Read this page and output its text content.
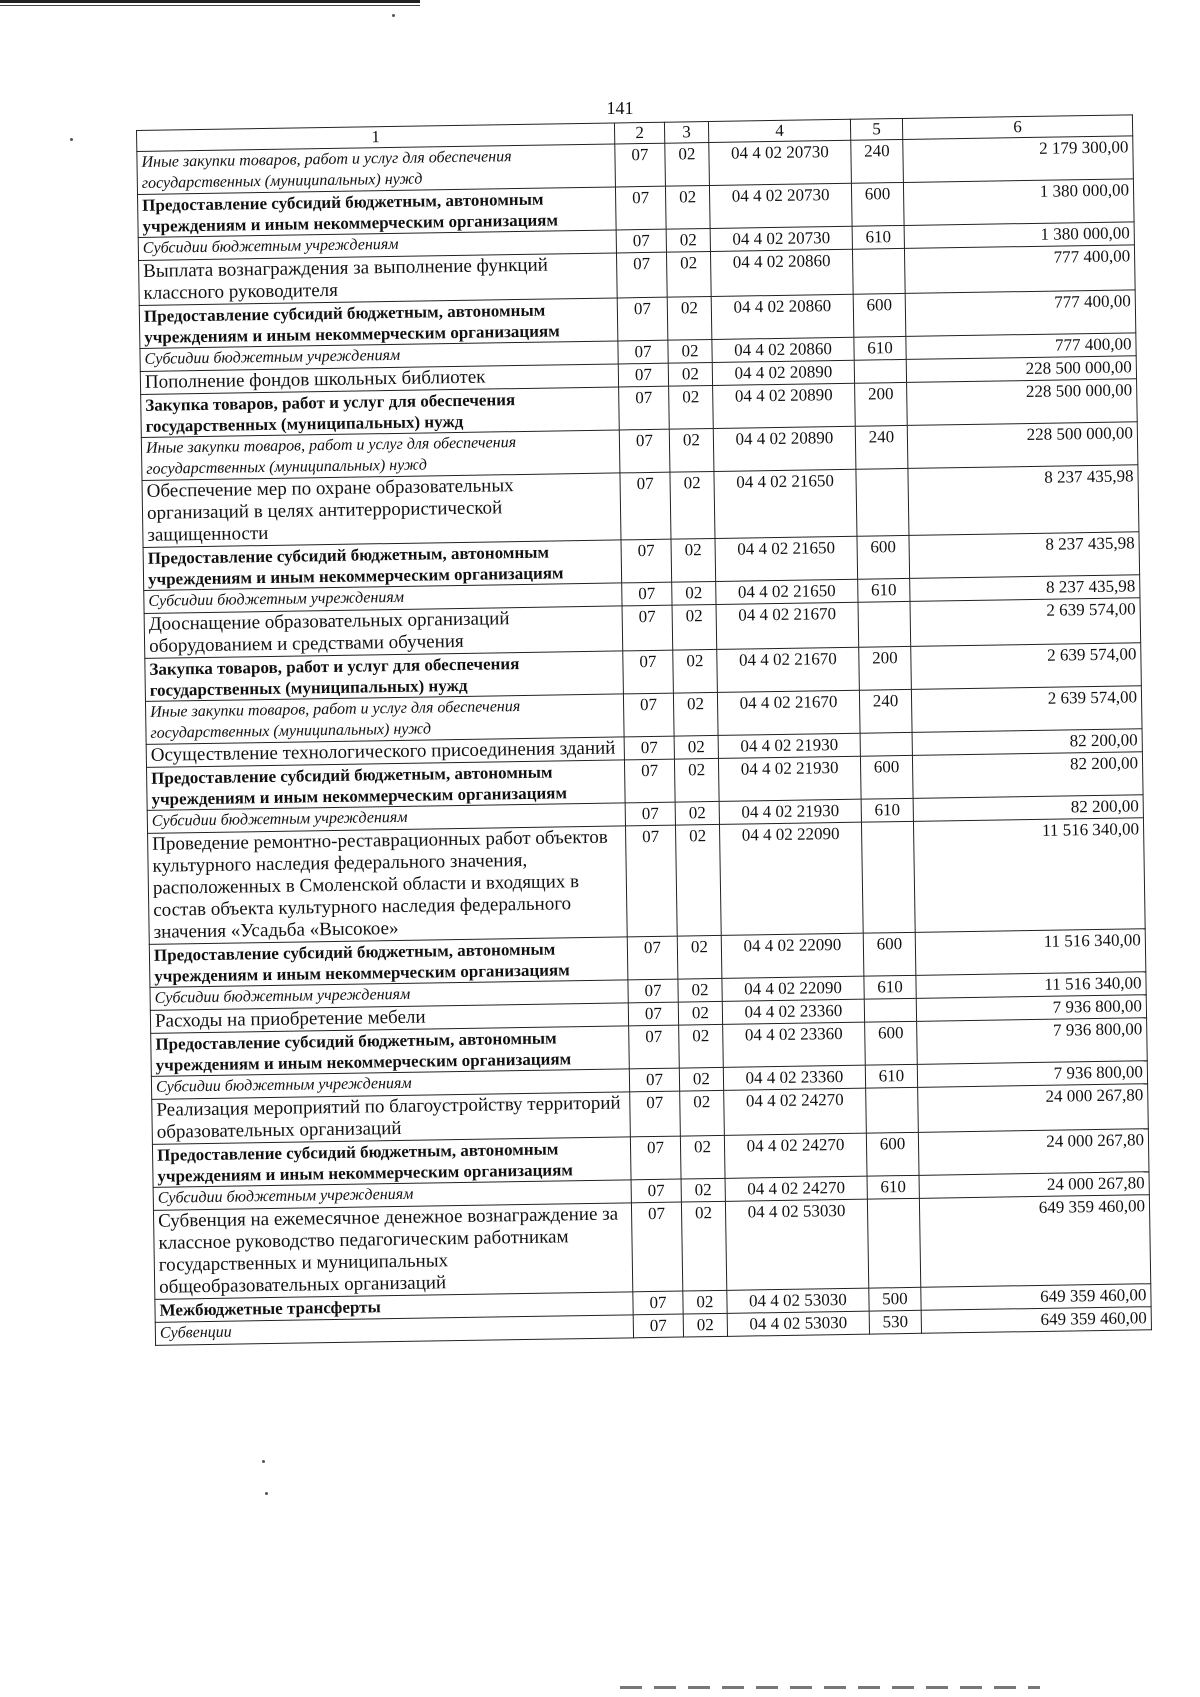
141
1	2	3	4	5	6
Иные закупки товаров, работ и услуг для обеспечения государственных (муниципальных) нужд	07	02	04 4 02 20730	240	2 179 300,00
Предоставление субсидий бюджетным, автономным учреждениям и иным некоммерческим организациям	07	02	04 4 02 20730	600	1 380 000,00
Субсидии бюджетным учреждениям	07	02	04 4 02 20730	610	1 380 000,00
Выплата вознаграждения за выполнение функций классного руководителя	07	02	04 4 02 20860		777 400,00
Предоставление субсидий бюджетным, автономным учреждениям и иным некоммерческим организациям	07	02	04 4 02 20860	600	777 400,00
Субсидии бюджетным учреждениям	07	02	04 4 02 20860	610	777 400,00
Пополнение фондов школьных библиотек	07	02	04 4 02 20890		228 500 000,00
Закупка товаров, работ и услуг для обеспечения государственных (муниципальных) нужд	07	02	04 4 02 20890	200	228 500 000,00
Иные закупки товаров, работ и услуг для обеспечения государственных (муниципальных) нужд	07	02	04 4 02 20890	240	228 500 000,00
Обеспечение мер по охране образовательных организаций в целях антитеррористической защищенности	07	02	04 4 02 21650		8 237 435,98
Предоставление субсидий бюджетным, автономным учреждениям и иным некоммерческим организациям	07	02	04 4 02 21650	600	8 237 435,98
Субсидии бюджетным учреждениям	07	02	04 4 02 21650	610	8 237 435,98
Дооснащение образовательных организаций оборудованием и средствами обучения	07	02	04 4 02 21670		2 639 574,00
Закупка товаров, работ и услуг для обеспечения государственных (муниципальных) нужд	07	02	04 4 02 21670	200	2 639 574,00
Иные закупки товаров, работ и услуг для обеспечения государственных (муниципальных) нужд	07	02	04 4 02 21670	240	2 639 574,00
Осуществление технологического присоединения зданий	07	02	04 4 02 21930		82 200,00
Предоставление субсидий бюджетным, автономным учреждениям и иным некоммерческим организациям	07	02	04 4 02 21930	600	82 200,00
Субсидии бюджетным учреждениям	07	02	04 4 02 21930	610	82 200,00
Проведение ремонтно-реставрационных работ объектов культурного наследия федерального значения, расположенных в Смоленской области и входящих в состав объекта культурного наследия федерального значения «Усадьба «Высокое»	07	02	04 4 02 22090		11 516 340,00
Предоставление субсидий бюджетным, автономным учреждениям и иным некоммерческим организациям	07	02	04 4 02 22090	600	11 516 340,00
Субсидии бюджетным учреждениям	07	02	04 4 02 22090	610	11 516 340,00
Расходы на приобретение мебели	07	02	04 4 02 23360		7 936 800,00
Предоставление субсидий бюджетным, автономным учреждениям и иным некоммерческим организациям	07	02	04 4 02 23360	600	7 936 800,00
Субсидии бюджетным учреждениям	07	02	04 4 02 23360	610	7 936 800,00
Реализация мероприятий по благоустройству территорий образовательных организаций	07	02	04 4 02 24270		24 000 267,80
Предоставление субсидий бюджетным, автономным учреждениям и иным некоммерческим организациям	07	02	04 4 02 24270	600	24 000 267,80
Субсидии бюджетным учреждениям	07	02	04 4 02 24270	610	24 000 267,80
Субвенция на ежемесячное денежное вознаграждение за классное руководство педагогическим работникам государственных и муниципальных общеобразовательных организаций	07	02	04 4 02 53030		649 359 460,00
Межбюджетные трансферты	07	02	04 4 02 53030	500	649 359 460,00
Субвенции	07	02	04 4 02 53030	530	649 359 460,00
